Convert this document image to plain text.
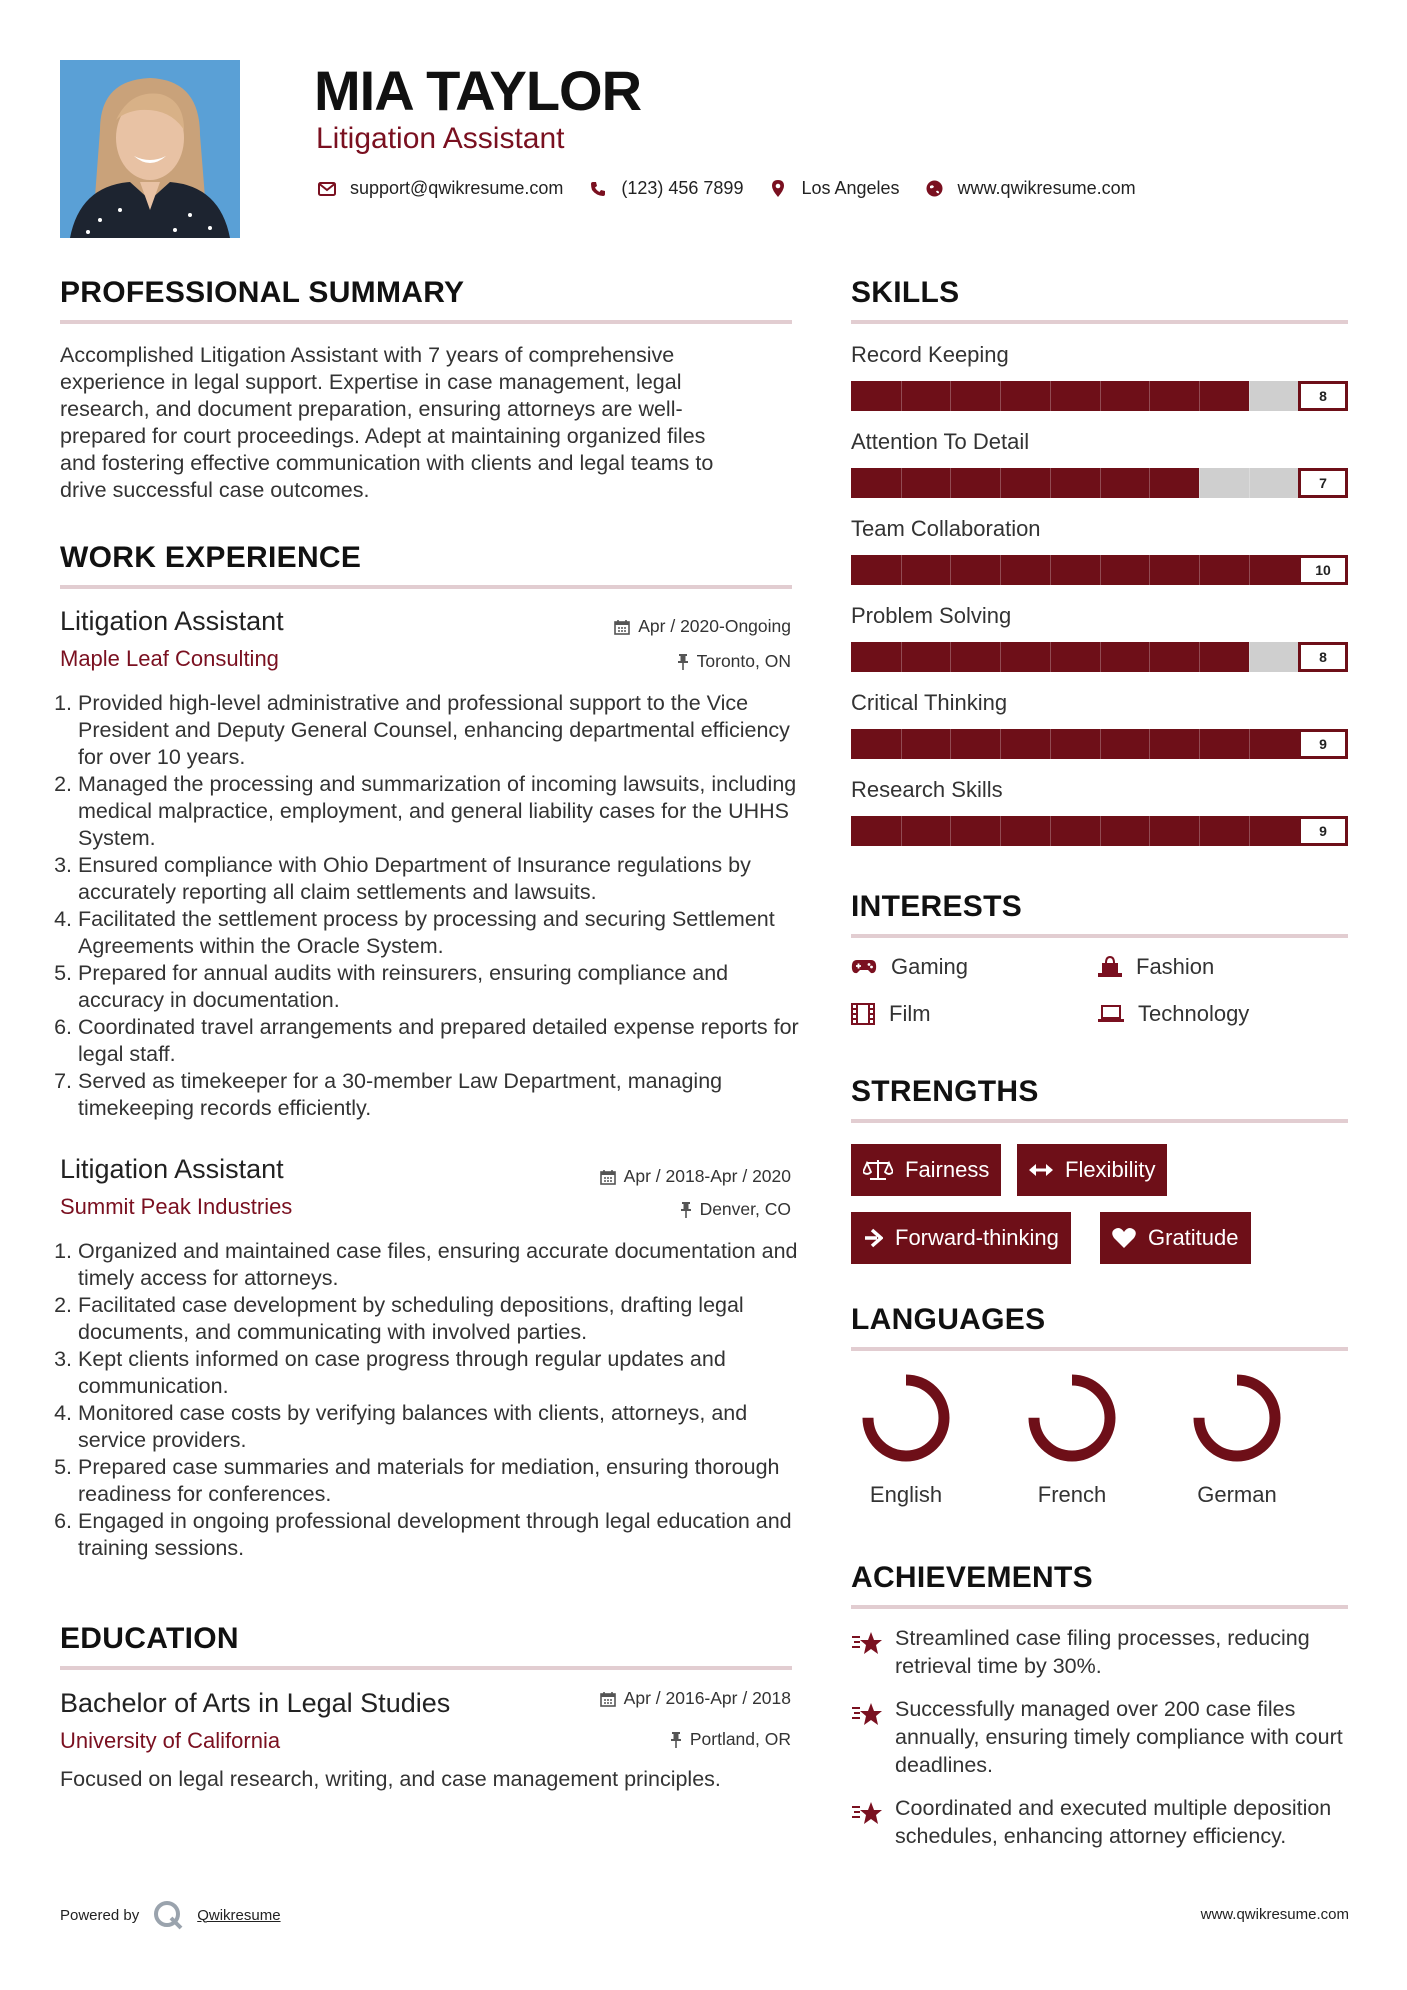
MIA TAYLOR
Litigation Assistant
support@qwikresume.com	(123) 456 7899	Los Angeles	www.qwikresume.com
PROFESSIONAL SUMMARY
Accomplished Litigation Assistant with 7 years of comprehensive
experience in legal support. Expertise in case management, legal
research, and document preparation, ensuring attorneys are well-
prepared for court proceedings. Adept at maintaining organized files
and fostering effective communication with clients and legal teams to
drive successful case outcomes.
WORK EXPERIENCE
Litigation Assistant
Maple Leaf Consulting
Apr / 2020-Ongoing
Toronto, ON
1. Provided high-level administrative and professional support to the Vice President and Deputy General Counsel, enhancing departmental efficiency for over 10 years.
2. Managed the processing and summarization of incoming lawsuits, including medical malpractice, employment, and general liability cases for the UHHS System.
3. Ensured compliance with Ohio Department of Insurance regulations by accurately reporting all claim settlements and lawsuits.
4. Facilitated the settlement process by processing and securing Settlement Agreements within the Oracle System.
5. Prepared for annual audits with reinsurers, ensuring compliance and accuracy in documentation.
6. Coordinated travel arrangements and prepared detailed expense reports for legal staff.
7. Served as timekeeper for a 30-member Law Department, managing timekeeping records efficiently.
Litigation Assistant
Summit Peak Industries
Apr / 2018-Apr / 2020
Denver, CO
1. Organized and maintained case files, ensuring accurate documentation and timely access for attorneys.
2. Facilitated case development by scheduling depositions, drafting legal documents, and communicating with involved parties.
3. Kept clients informed on case progress through regular updates and communication.
4. Monitored case costs by verifying balances with clients, attorneys, and service providers.
5. Prepared case summaries and materials for mediation, ensuring thorough readiness for conferences.
6. Engaged in ongoing professional development through legal education and training sessions.
EDUCATION
Bachelor of Arts in Legal Studies
University of California
Apr / 2016-Apr / 2018
Portland, OR
Focused on legal research, writing, and case management principles.
SKILLS
Record Keeping
8
Attention To Detail
7
Team Collaboration
10
Problem Solving
8
Critical Thinking
9
Research Skills
9
INTERESTS
Gaming	Fashion
Film	Technology
STRENGTHS
Fairness	Flexibility
Forward-thinking	Gratitude
LANGUAGES
English	French	German
ACHIEVEMENTS
Streamlined case filing processes, reducing retrieval time by 30%.
Successfully managed over 200 case files annually, ensuring timely compliance with court deadlines.
Coordinated and executed multiple deposition schedules, enhancing attorney efficiency.
Powered by	Qwikresume	www.qwikresume.com
